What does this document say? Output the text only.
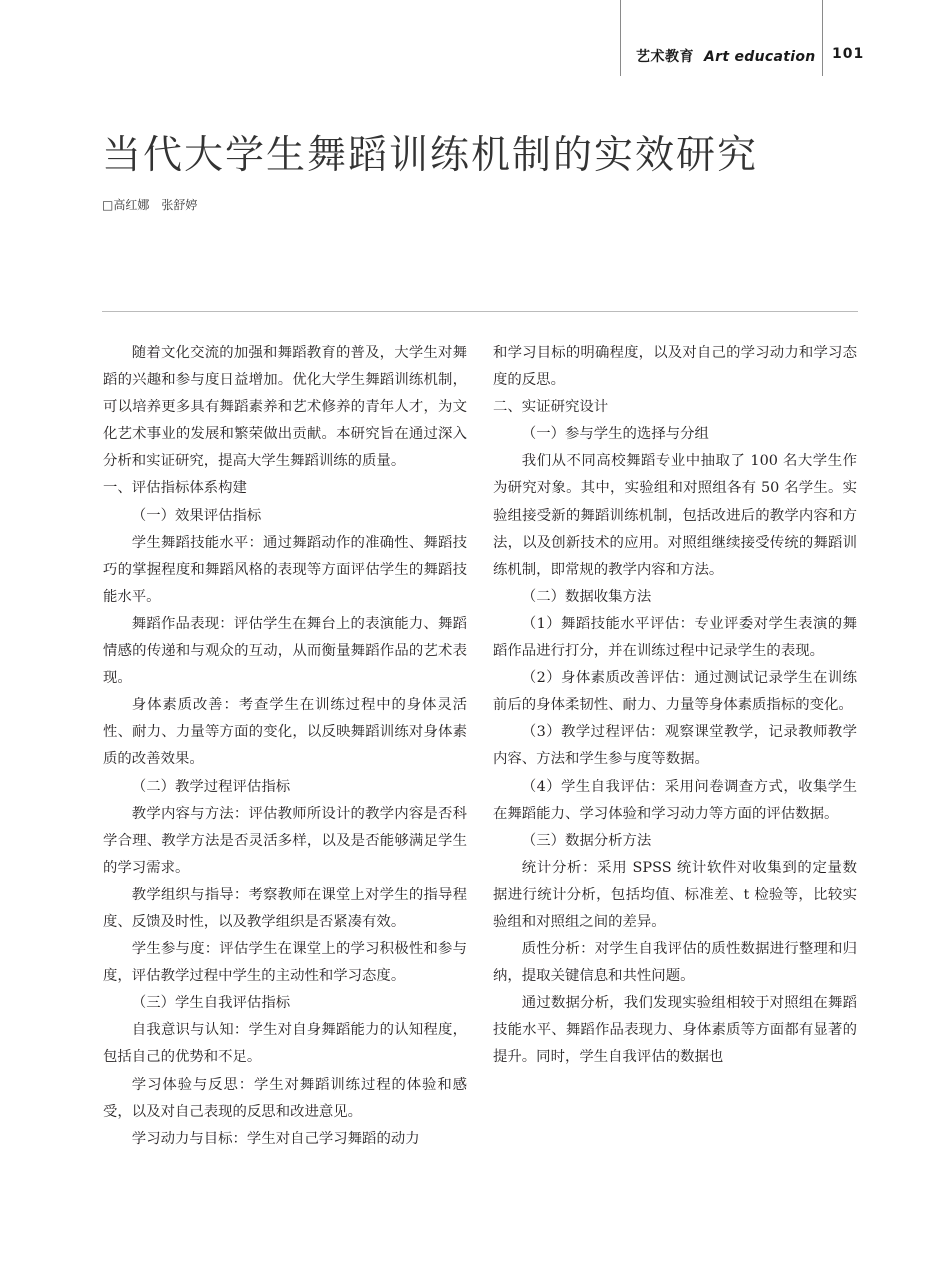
艺术教育 Art education 101
当代大学生舞蹈训练机制的实效研究
□高红娜　张舒婷

随着文化交流的加强和舞蹈教育的普及，大学生对舞蹈的兴趣和参与度日益增加。优化大学生舞蹈训练机制，可以培养更多具有舞蹈素养和艺术修养的青年人才，为文化艺术事业的发展和繁荣做出贡献。本研究旨在通过深入分析和实证研究，提高大学生舞蹈训练的质量。

一、评估指标体系构建

（一）效果评估指标

学生舞蹈技能水平：通过舞蹈动作的准确性、舞蹈技巧的掌握程度和舞蹈风格的表现等方面评估学生的舞蹈技能水平。

舞蹈作品表现：评估学生在舞台上的表演能力、舞蹈情感的传递和与观众的互动，从而衡量舞蹈作品的艺术表现。

身体素质改善：考查学生在训练过程中的身体灵活性、耐力、力量等方面的变化，以反映舞蹈训练对身体素质的改善效果。

（二）教学过程评估指标

教学内容与方法：评估教师所设计的教学内容是否科学合理、教学方法是否灵活多样，以及是否能够满足学生的学习需求。

教学组织与指导：考察教师在课堂上对学生的指导程度、反馈及时性，以及教学组织是否紧凑有效。

学生参与度：评估学生在课堂上的学习积极性和参与度，评估教学过程中学生的主动性和学习态度。

（三）学生自我评估指标

自我意识与认知：学生对自身舞蹈能力的认知程度，包括自己的优势和不足。

学习体验与反思：学生对舞蹈训练过程的体验和感受，以及对自己表现的反思和改进意见。

学习动力与目标：学生对自己学习舞蹈的动力

和学习目标的明确程度，以及对自己的学习动力和学习态度的反思。

二、实证研究设计

（一）参与学生的选择与分组

我们从不同高校舞蹈专业中抽取了 100 名大学生作为研究对象。其中，实验组和对照组各有 50 名学生。实验组接受新的舞蹈训练机制，包括改进后的教学内容和方法，以及创新技术的应用。对照组继续接受传统的舞蹈训练机制，即常规的教学内容和方法。

（二）数据收集方法

（1）舞蹈技能水平评估：专业评委对学生表演的舞蹈作品进行打分，并在训练过程中记录学生的表现。

（2）身体素质改善评估：通过测试记录学生在训练前后的身体柔韧性、耐力、力量等身体素质指标的变化。

（3）教学过程评估：观察课堂教学，记录教师教学内容、方法和学生参与度等数据。

（4）学生自我评估：采用问卷调查方式，收集学生在舞蹈能力、学习体验和学习动力等方面的评估数据。

（三）数据分析方法

统计分析：采用 SPSS 统计软件对收集到的定量数据进行统计分析，包括均值、标准差、t 检验等，比较实验组和对照组之间的差异。

质性分析：对学生自我评估的质性数据进行整理和归纳，提取关键信息和共性问题。

通过数据分析，我们发现实验组相较于对照组在舞蹈技能水平、舞蹈作品表现力、身体素质等方面都有显著的提升。同时，学生自我评估的数据也
